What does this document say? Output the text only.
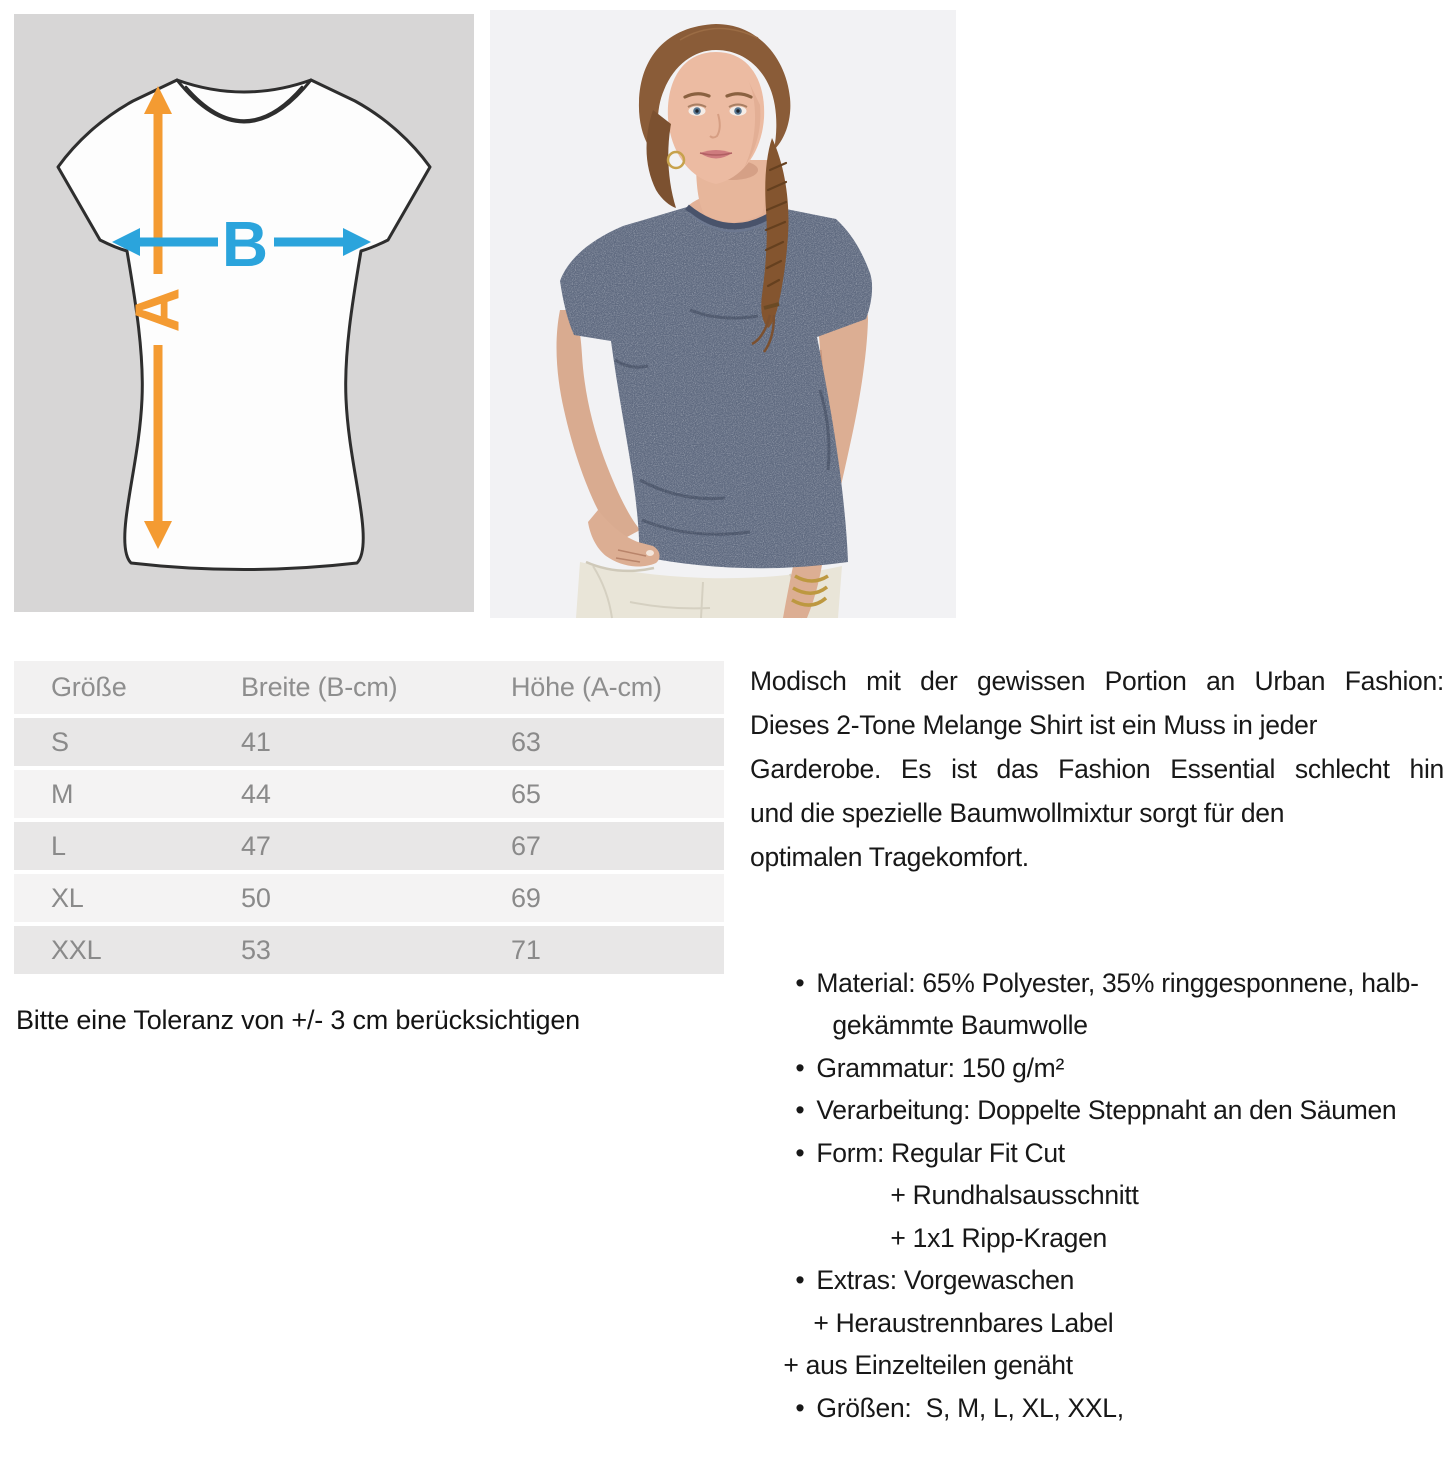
A
B
Größe	Breite (B-cm)	Höhe (A-cm)
S	41	63
M	44	65
L	47	67
XL	50	69
XXL	53	71
Bitte eine Toleranz von +/- 3 cm berücksichtigen
Modisch mit der gewissen Portion an Urban Fashion:
Dieses 2-Tone Melange Shirt ist ein Muss in jeder
Garderobe. Es ist das Fashion Essential schlecht hin
und die spezielle Baumwollmixtur sorgt für den
optimalen Tragekomfort.

• Material: 65% Polyester, 35% ringgesponnene, halb-

gekämmte Baumwolle

• Grammatur: 150 g/m²

• Verarbeitung: Doppelte Steppnaht an den Säumen

• Form: Regular Fit Cut

+ Rundhalsausschnitt

+ 1x1 Ripp-Kragen

• Extras: Vorgewaschen

+ Heraustrennbares Label

+ aus Einzelteilen genäht

• Größen:  S, M, L, XL, XXL,
